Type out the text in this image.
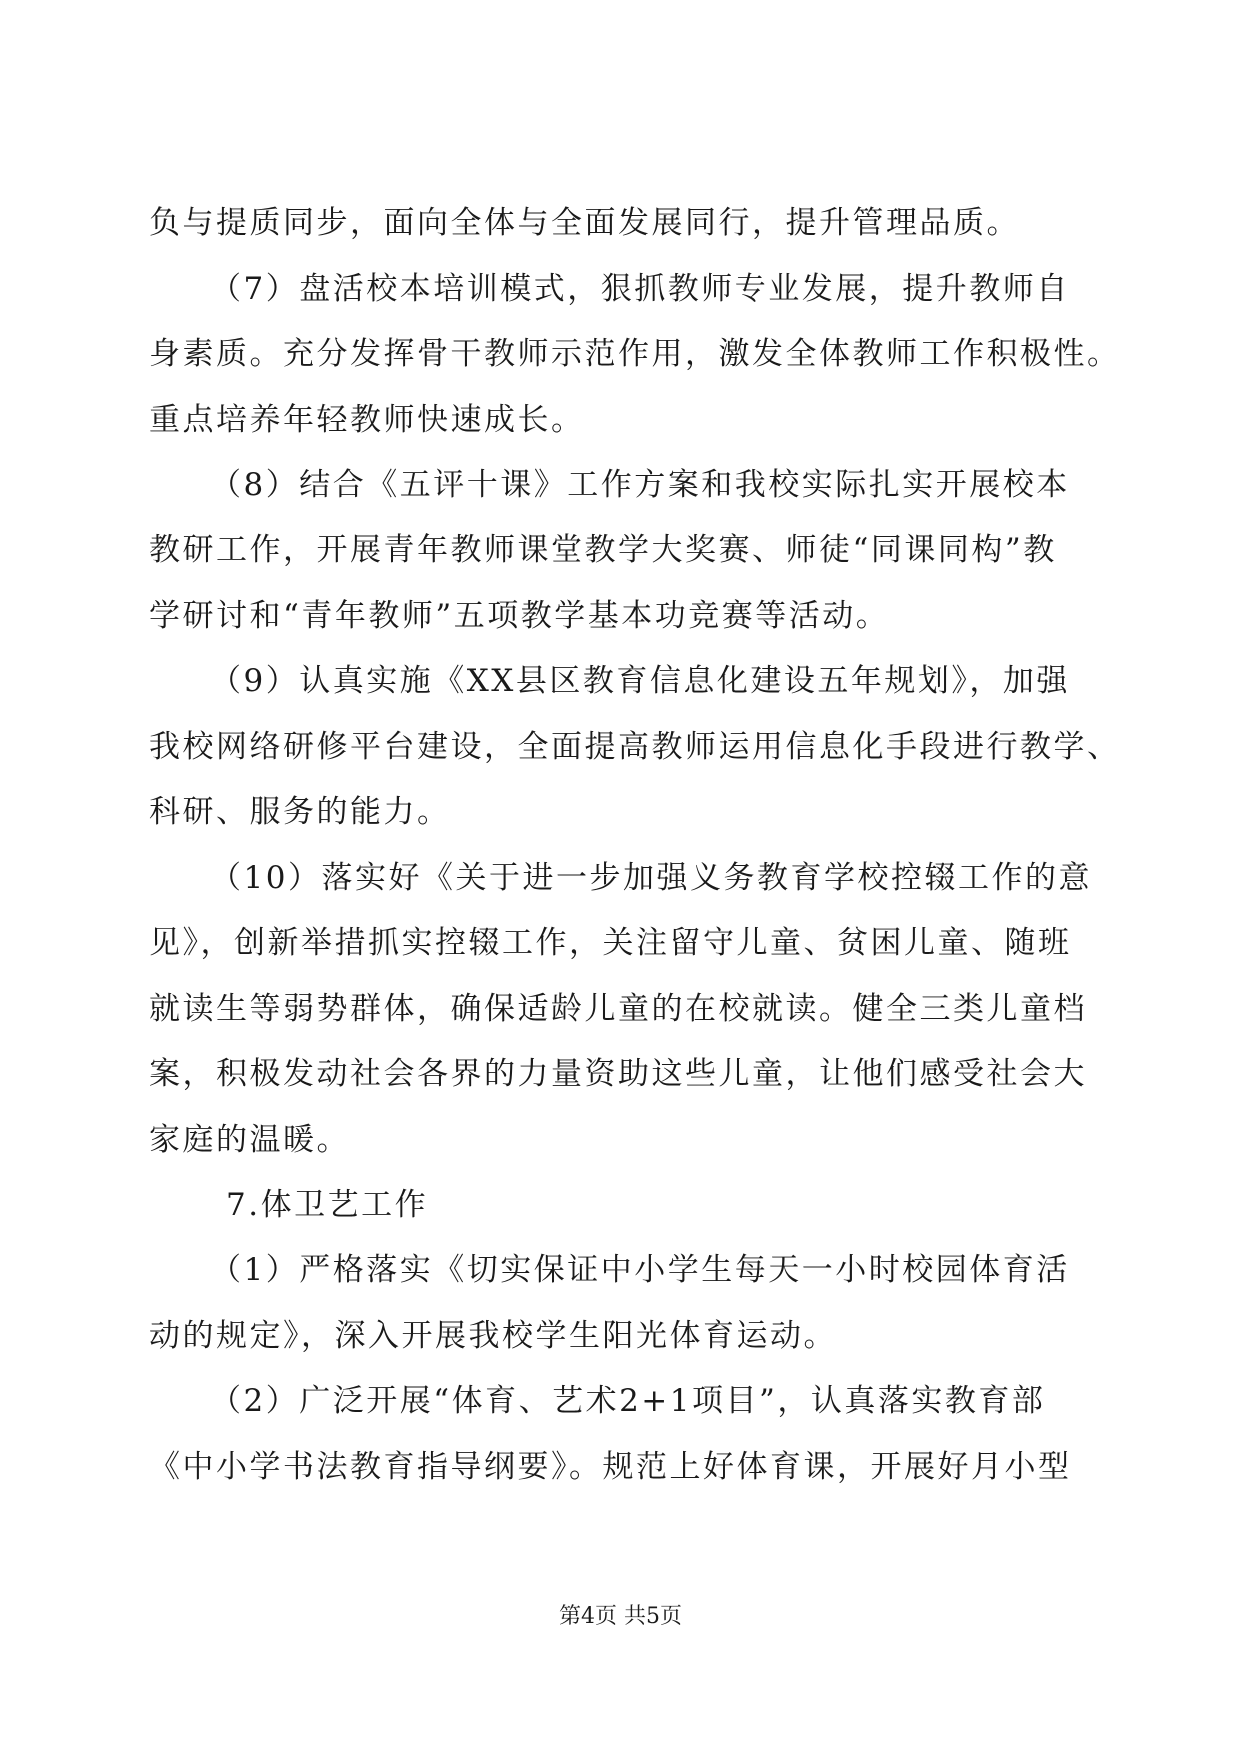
负与提质同步，面向全体与全面发展同行，提升管理品质。
（7）盘活校本培训模式，狠抓教师专业发展，提升教师自
身素质。充分发挥骨干教师示范作用，激发全体教师工作积极性。
重点培养年轻教师快速成长。
（8）结合《五评十课》工作方案和我校实际扎实开展校本
教研工作，开展青年教师课堂教学大奖赛、师徒“同课同构”教
学研讨和“青年教师”五项教学基本功竞赛等活动。
（9）认真实施《XX县区教育信息化建设五年规划》，加强
我校网络研修平台建设，全面提高教师运用信息化手段进行教学、
科研、服务的能力。
（10）落实好《关于进一步加强义务教育学校控辍工作的意
见》，创新举措抓实控辍工作，关注留守儿童、贫困儿童、随班
就读生等弱势群体，确保适龄儿童的在校就读。健全三类儿童档
案，积极发动社会各界的力量资助这些儿童，让他们感受社会大
家庭的温暖。
7.体卫艺工作
（1）严格落实《切实保证中小学生每天一小时校园体育活
动的规定》，深入开展我校学生阳光体育运动。
（2）广泛开展“体育、艺术2+1项目”，认真落实教育部
《中小学书法教育指导纲要》。规范上好体育课，开展好月小型
第4页 共5页
